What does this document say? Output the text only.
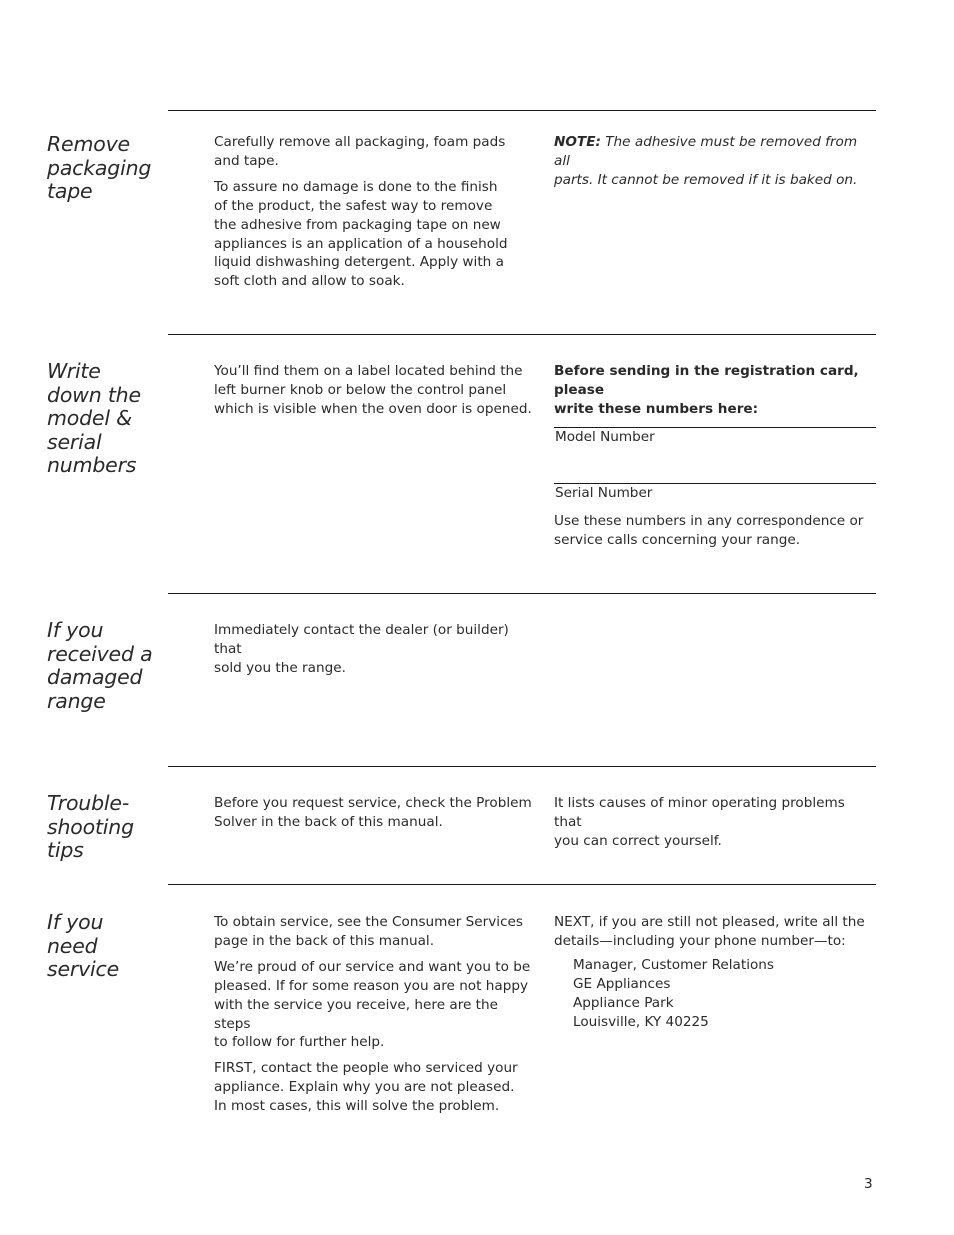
Remove
packaging
tape

Carefully remove all packaging, foam pads
and tape.

To assure no damage is done to the finish
of the product, the safest way to remove
the adhesive from packaging tape on new
appliances is an application of a household
liquid dishwashing detergent. Apply with a
soft cloth and allow to soak.

NOTE: The adhesive must be removed from all
parts. It cannot be removed if it is baked on.
Write
down the
model &
serial
numbers

You’ll find them on a label located behind the
left burner knob or below the control panel
which is visible when the oven door is opened.

Before sending in the registration card, please
write these numbers here:
Model Number
Serial Number
Use these numbers in any correspondence or
service calls concerning your range.
If you
received a
damaged
range

Immediately contact the dealer (or builder) that
sold you the range.

Trouble-
shooting
tips

Before you request service, check the Problem
Solver in the back of this manual.

It lists causes of minor operating problems that
you can correct yourself.
If you
need
service

To obtain service, see the Consumer Services
page in the back of this manual.

We’re proud of our service and want you to be
pleased. If for some reason you are not happy
with the service you receive, here are the steps
to follow for further help.

FIRST, contact the people who serviced your
appliance. Explain why you are not pleased.
In most cases, this will solve the problem.

NEXT, if you are still not pleased, write all the
details—including your phone number—to:
Manager, Customer Relations
GE Appliances
Appliance Park
Louisville, KY 40225
3
